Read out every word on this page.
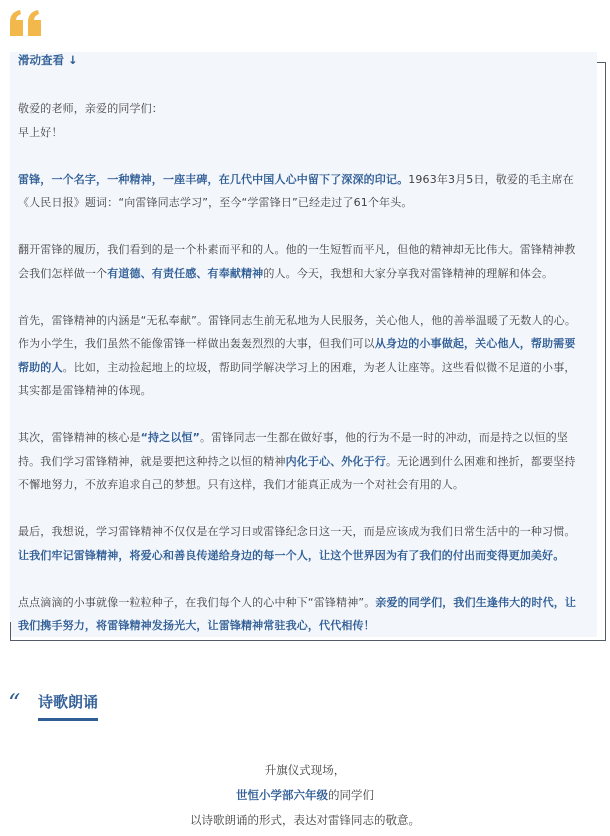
滑动查看 ↓

敬爱的老师，亲爱的同学们：

早上好！

雷锋，一个名字，一种精神，一座丰碑，在几代中国人心中留下了深深的印记。1963年3月5日，敬爱的毛主席在《人民日报》题词：“向雷锋同志学习”，至今“学雷锋日”已经走过了61个年头。

翻开雷锋的履历，我们看到的是一个朴素而平和的人。他的一生短暂而平凡，但他的精神却无比伟大。雷锋精神教会我们怎样做一个有道德、有责任感、有奉献精神的人。今天，我想和大家分享我对雷锋精神的理解和体会。

首先，雷锋精神的内涵是“无私奉献”。雷锋同志生前无私地为人民服务，关心他人，他的善举温暖了无数人的心。作为小学生，我们虽然不能像雷锋一样做出轰轰烈烈的大事，但我们可以从身边的小事做起，关心他人，帮助需要帮助的人。比如，主动捡起地上的垃圾，帮助同学解决学习上的困难，为老人让座等。这些看似微不足道的小事，其实都是雷锋精神的体现。

其次，雷锋精神的核心是“持之以恒”。雷锋同志一生都在做好事，他的行为不是一时的冲动，而是持之以恒的坚持。我们学习雷锋精神，就是要把这种持之以恒的精神内化于心、外化于行。无论遇到什么困难和挫折，都要坚持不懈地努力，不放弃追求自己的梦想。只有这样，我们才能真正成为一个对社会有用的人。

最后，我想说，学习雷锋精神不仅仅是在学习日或雷锋纪念日这一天，而是应该成为我们日常生活中的一种习惯。让我们牢记雷锋精神，将爱心和善良传递给身边的每一个人，让这个世界因为有了我们的付出而变得更加美好。

点点滴滴的小事就像一粒粒种子，在我们每个人的心中种下“雷锋精神”。亲爱的同学们，我们生逢伟大的时代，让我们携手努力，将雷锋精神发扬光大，让雷锋精神常驻我心，代代相传！

“ 诗歌朗诵
升旗仪式现场，
世恒小学部六年级的同学们
以诗歌朗诵的形式，表达对雷锋同志的敬意。
